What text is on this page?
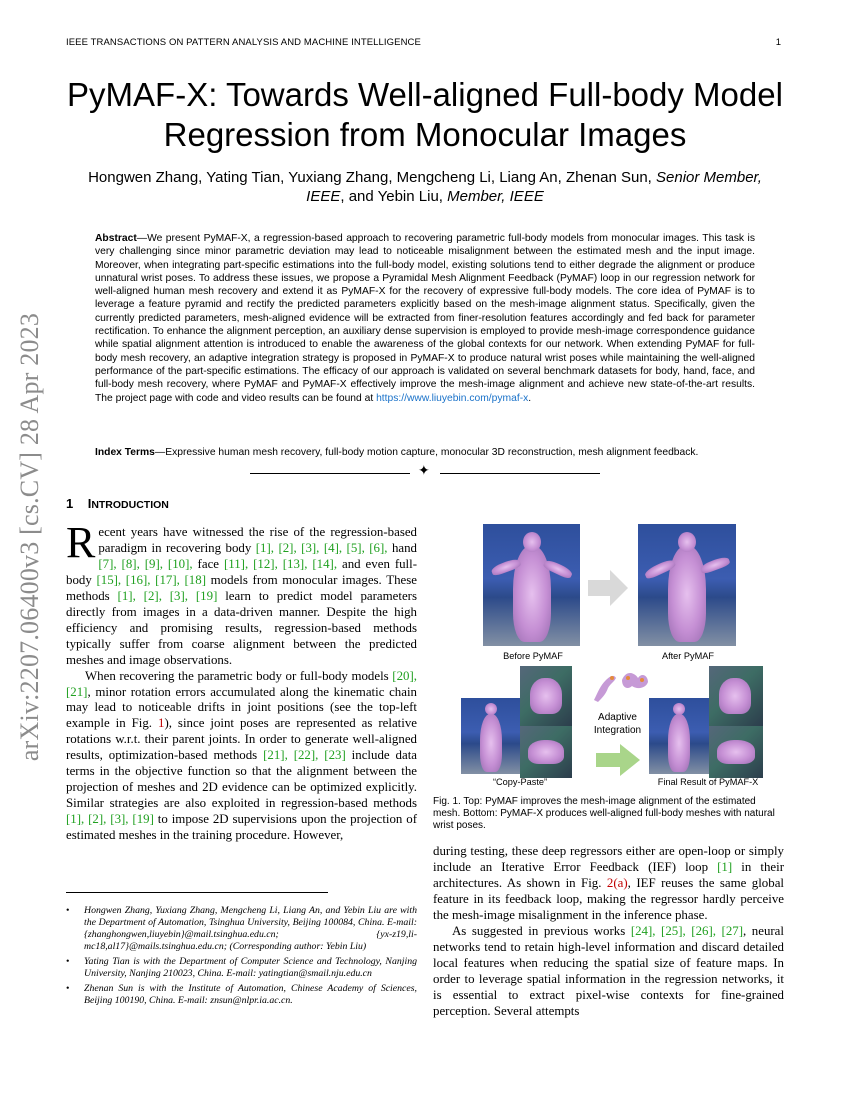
IEEE TRANSACTIONS ON PATTERN ANALYSIS AND MACHINE INTELLIGENCE	1
PyMAF-X: Towards Well-aligned Full-body Model Regression from Monocular Images
Hongwen Zhang, Yating Tian, Yuxiang Zhang, Mengcheng Li, Liang An, Zhenan Sun, Senior Member, IEEE, and Yebin Liu, Member, IEEE
Abstract—We present PyMAF-X, a regression-based approach to recovering parametric full-body models from monocular images. This task is very challenging since minor parametric deviation may lead to noticeable misalignment between the estimated mesh and the input image. Moreover, when integrating part-specific estimations into the full-body model, existing solutions tend to either degrade the alignment or produce unnatural wrist poses. To address these issues, we propose a Pyramidal Mesh Alignment Feedback (PyMAF) loop in our regression network for well-aligned human mesh recovery and extend it as PyMAF-X for the recovery of expressive full-body models. The core idea of PyMAF is to leverage a feature pyramid and rectify the predicted parameters explicitly based on the mesh-image alignment status. Specifically, given the currently predicted parameters, mesh-aligned evidence will be extracted from finer-resolution features accordingly and fed back for parameter rectification. To enhance the alignment perception, an auxiliary dense supervision is employed to provide mesh-image correspondence guidance while spatial alignment attention is introduced to enable the awareness of the global contexts for our network. When extending PyMAF for full-body mesh recovery, an adaptive integration strategy is proposed in PyMAF-X to produce natural wrist poses while maintaining the well-aligned performance of the part-specific estimations. The efficacy of our approach is validated on several benchmark datasets for body, hand, face, and full-body mesh recovery, where PyMAF and PyMAF-X effectively improve the mesh-image alignment and achieve new state-of-the-art results. The project page with code and video results can be found at https://www.liuyebin.com/pymaf-x.
Index Terms—Expressive human mesh recovery, full-body motion capture, monocular 3D reconstruction, mesh alignment feedback.
✦
1 INTRODUCTION

Recent years have witnessed the rise of the regression-based paradigm in recovering body [1], [2], [3], [4], [5], [6], hand [7], [8], [9], [10], face [11], [12], [13], [14], and even full-body [15], [16], [17], [18] models from monocular images. These methods [1], [2], [3], [19] learn to predict model parameters directly from images in a data-driven manner. Despite the high efficiency and promising results, regression-based methods typically suffer from coarse alignment between the predicted meshes and image observations.

When recovering the parametric body or full-body models [20], [21], minor rotation errors accumulated along the kinematic chain may lead to noticeable drifts in joint positions (see the top-left example in Fig. 1), since joint poses are represented as relative rotations w.r.t. their parent joints. In order to generate well-aligned results, optimization-based methods [21], [22], [23] include data terms in the objective function so that the alignment between the projection of meshes and 2D evidence can be optimized explicitly. Similar strategies are also exploited in regression-based methods [1], [2], [3], [19] to impose 2D supervisions upon the projection of estimated meshes in the training procedure. However,

• Hongwen Zhang, Yuxiang Zhang, Mengcheng Li, Liang An, and Yebin Liu are with the Department of Automation, Tsinghua University, Beijing 100084, China. E-mail: {zhanghongwen,liuyebin}@mail.tsinghua.edu.cn; {yx-z19,li-mc18,al17}@mails.tsinghua.edu.cn; (Corresponding author: Yebin Liu)
• Yating Tian is with the Department of Computer Science and Technology, Nanjing University, Nanjing 210023, China. E-mail: yatingtian@smail.nju.edu.cn
• Zhenan Sun is with the Institute of Automation, Chinese Academy of Sciences, Beijing 100190, China. E-mail: znsun@nlpr.ia.ac.cn.
Before PyMAF	After PyMAF
Adaptive
Integration
“Copy-Paste”	Final Result of PyMAF-X
Fig. 1. Top: PyMAF improves the mesh-image alignment of the estimated mesh. Bottom: PyMAF-X produces well-aligned full-body meshes with natural wrist poses.

during testing, these deep regressors either are open-loop or simply include an Iterative Error Feedback (IEF) loop [1] in their architectures. As shown in Fig. 2(a), IEF reuses the same global feature in its feedback loop, making the regressor hardly perceive the mesh-image misalignment in the inference phase.

As suggested in previous works [24], [25], [26], [27], neural networks tend to retain high-level information and discard detailed local features when reducing the spatial size of feature maps. In order to leverage spatial information in the regression networks, it is essential to extract pixel-wise contexts for fine-grained perception. Several attempts

arXiv:2207.06400v3 [cs.CV] 28 Apr 2023
